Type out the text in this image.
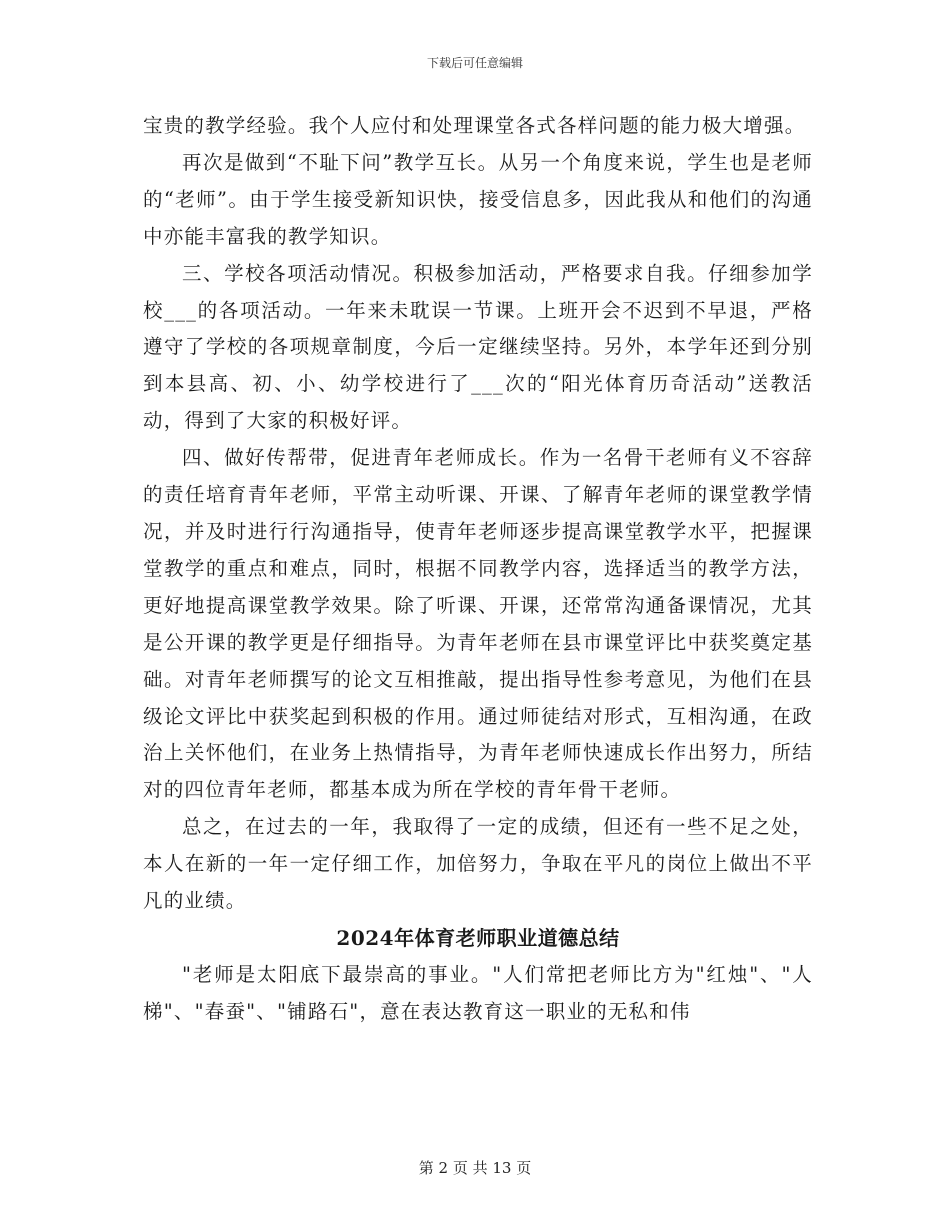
下载后可任意编辑

宝贵的教学经验。我个人应付和处理课堂各式各样问题的能力极大增强。

再次是做到“不耻下问”教学互长。从另一个角度来说，学生也是老师的“老师”。由于学生接受新知识快，接受信息多，因此我从和他们的沟通中亦能丰富我的教学知识。

三、学校各项活动情况。积极参加活动，严格要求自我。仔细参加学校___的各项活动。一年来未耽误一节课。上班开会不迟到不早退，严格遵守了学校的各项规章制度，今后一定继续坚持。另外，本学年还到分别到本县高、初、小、幼学校进行了___次的“阳光体育历奇活动”送教活动，得到了大家的积极好评。

四、做好传帮带，促进青年老师成长。作为一名骨干老师有义不容辞的责任培育青年老师，平常主动听课、开课、了解青年老师的课堂教学情况，并及时进行行沟通指导，使青年老师逐步提高课堂教学水平，把握课堂教学的重点和难点，同时，根据不同教学内容，选择适当的教学方法，更好地提高课堂教学效果。除了听课、开课，还常常沟通备课情况，尤其是公开课的教学更是仔细指导。为青年老师在县市课堂评比中获奖奠定基础。对青年老师撰写的论文互相推敲，提出指导性参考意见，为他们在县级论文评比中获奖起到积极的作用。通过师徒结对形式，互相沟通，在政治上关怀他们，在业务上热情指导，为青年老师快速成长作出努力，所结对的四位青年老师，都基本成为所在学校的青年骨干老师。

总之，在过去的一年，我取得了一定的成绩，但还有一些不足之处，本人在新的一年一定仔细工作，加倍努力，争取在平凡的岗位上做出不平凡的业绩。

2024年体育老师职业道德总结

"老师是太阳底下最崇高的事业。"人们常把老师比方为"红烛"、"人梯"、"春蚕"、"铺路石"，意在表达教育这一职业的无私和伟

第 2 页 共 13 页
